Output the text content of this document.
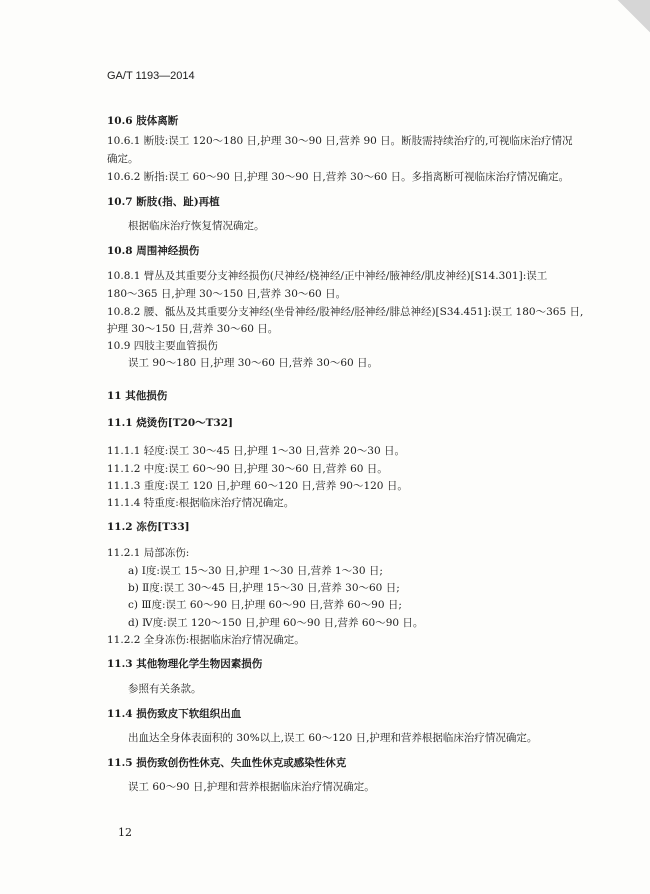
GA/T 1193—2014
10.6 肢体离断
10.6.1 断肢:误工 120～180 日,护理 30～90 日,营养 90 日。断肢需持续治疗的,可视临床治疗情况
确定。
10.6.2 断指:误工 60～90 日,护理 30～90 日,营养 30～60 日。多指离断可视临床治疗情况确定。
10.7 断肢(指、趾)再植
根据临床治疗恢复情况确定。
10.8 周围神经损伤
10.8.1 臂丛及其重要分支神经损伤(尺神经/桡神经/正中神经/腋神经/肌皮神经)[S14.301]:误工
180～365 日,护理 30～150 日,营养 30～60 日。
10.8.2 腰、骶丛及其重要分支神经(坐骨神经/股神经/胫神经/腓总神经)[S34.451]:误工 180～365 日,
护理 30～150 日,营养 30～60 日。
10.9 四肢主要血管损伤
误工 90～180 日,护理 30～60 日,营养 30～60 日。
11 其他损伤
11.1 烧烫伤[T20～T32]
11.1.1 轻度:误工 30～45 日,护理 1～30 日,营养 20～30 日。
11.1.2 中度:误工 60～90 日,护理 30～60 日,营养 60 日。
11.1.3 重度:误工 120 日,护理 60～120 日,营养 90～120 日。
11.1.4 特重度:根据临床治疗情况确定。
11.2 冻伤[T33]
11.2.1 局部冻伤:
a) Ⅰ度:误工 15～30 日,护理 1～30 日,营养 1～30 日;
b) Ⅱ度:误工 30～45 日,护理 15～30 日,营养 30～60 日;
c) Ⅲ度:误工 60～90 日,护理 60～90 日,营养 60～90 日;
d) Ⅳ度:误工 120～150 日,护理 60～90 日,营养 60～90 日。
11.2.2 全身冻伤:根据临床治疗情况确定。
11.3 其他物理化学生物因素损伤
参照有关条款。
11.4 损伤致皮下软组织出血
出血达全身体表面积的 30%以上,误工 60～120 日,护理和营养根据临床治疗情况确定。
11.5 损伤致创伤性休克、失血性休克或感染性休克
误工 60～90 日,护理和营养根据临床治疗情况确定。
12
